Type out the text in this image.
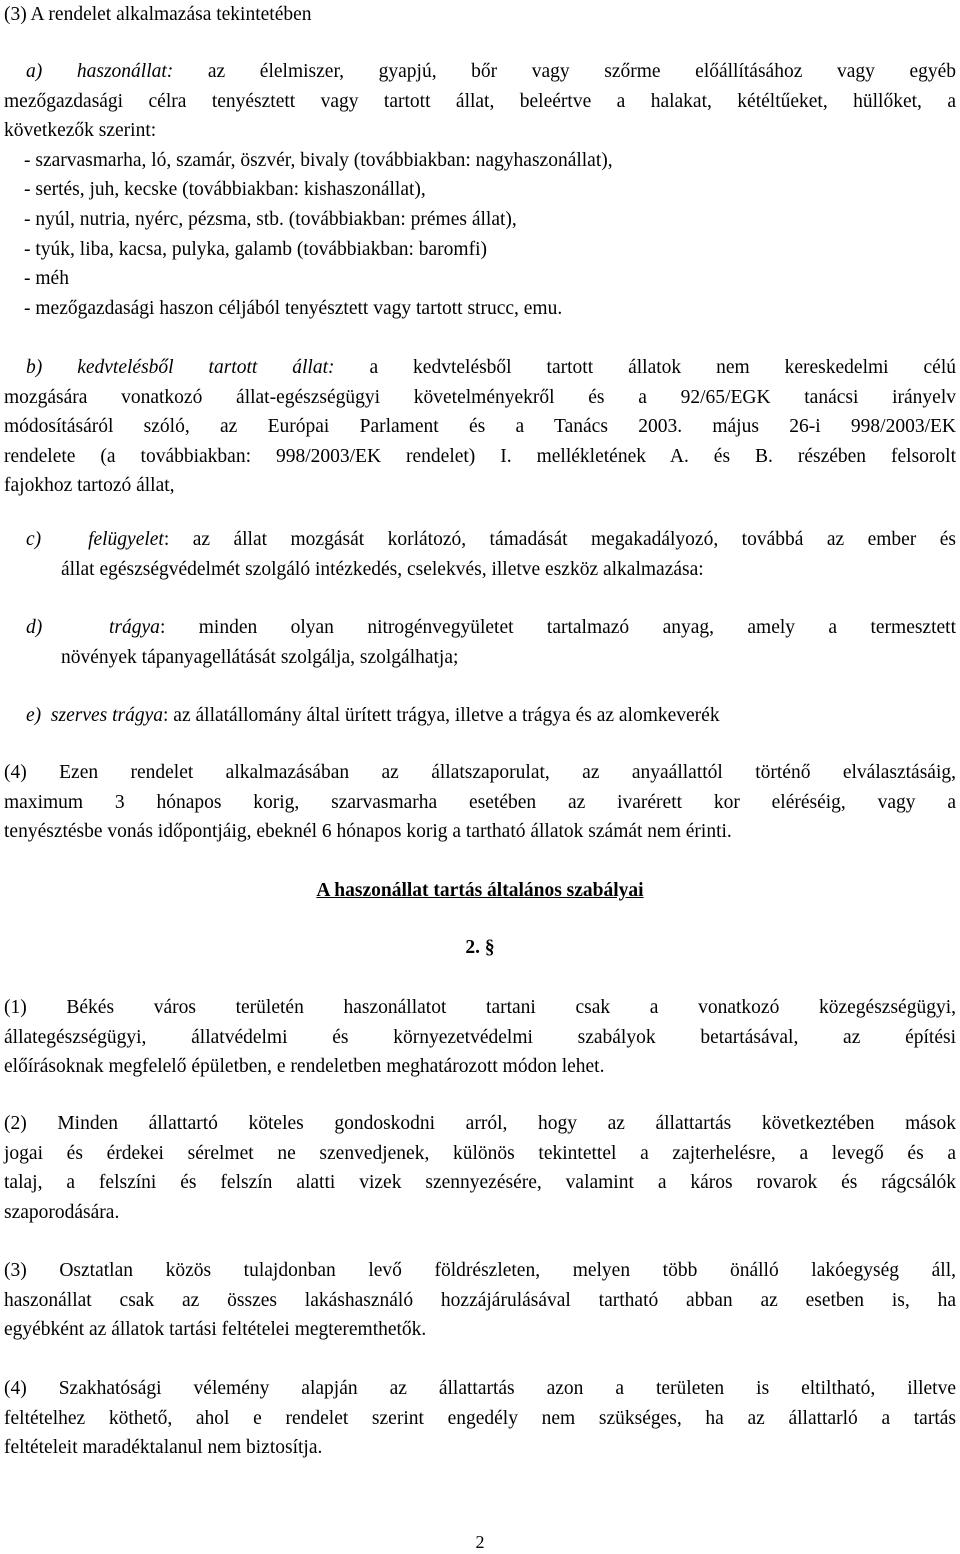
(3) A rendelet alkalmazása tekintetében
a) haszonállat: az élelmiszer, gyapjú, bőr vagy szőrme előállításához vagy egyéb
mezőgazdasági célra tenyésztett vagy tartott állat, beleértve a halakat, kétéltűeket, hüllőket, a
következők szerint:
- szarvasmarha, ló, szamár, öszvér, bivaly (továbbiakban: nagyhaszonállat),
- sertés, juh, kecske (továbbiakban: kishaszonállat),
- nyúl, nutria, nyérc, pézsma, stb. (továbbiakban: prémes állat),
- tyúk, liba, kacsa, pulyka, galamb (továbbiakban: baromfi)
- méh
- mezőgazdasági haszon céljából tenyésztett vagy tartott strucc, emu.
b) kedvtelésből tartott állat: a kedvtelésből tartott állatok nem kereskedelmi célú
mozgására vonatkozó állat-egészségügyi követelményekről és a 92/65/EGK tanácsi irányelv
módosításáról szóló, az Európai Parlament és a Tanács 2003. május 26-i 998/2003/EK
rendelete (a továbbiakban: 998/2003/EK rendelet) I. mellékletének A. és B. részében felsorolt
fajokhoz tartozó állat,
c) felügyelet: az állat mozgását korlátozó, támadását megakadályozó, továbbá az ember és
állat egészségvédelmét szolgáló intézkedés, cselekvés, illetve eszköz alkalmazása:
d)	trágya: minden olyan nitrogénvegyületet tartalmazó anyag, amely a termesztett
növények tápanyagellátását szolgálja, szolgálhatja;
e) szerves trágya: az állatállomány által ürített trágya, illetve a trágya és az alomkeverék
(4) Ezen rendelet alkalmazásában az állatszaporulat, az anyaállattól történő elválasztásáig,
maximum 3 hónapos korig, szarvasmarha esetében az ivarérett kor eléréséig, vagy a
tenyésztésbe vonás időpontjáig, ebeknél 6 hónapos korig a tartható állatok számát nem érinti.
A haszonállat tartás általános szabályai
2. §
(1) Békés város területén haszonállatot tartani csak a vonatkozó közegészségügyi,
állategészségügyi, állatvédelmi és környezetvédelmi szabályok betartásával, az építési
előírásoknak megfelelő épületben, e rendeletben meghatározott módon lehet.
(2) Minden állattartó köteles gondoskodni arról, hogy az állattartás következtében mások
jogai és érdekei sérelmet ne szenvedjenek, különös tekintettel a zajterhelésre, a levegő és a
talaj, a felszíni és felszín alatti vizek szennyezésére, valamint a káros rovarok és rágcsálók
szaporodására.
(3) Osztatlan közös tulajdonban levő földrészleten, melyen több önálló lakóegység áll,
haszonállat csak az összes lakáshasználó hozzájárulásával tartható abban az esetben is, ha
egyébként az állatok tartási feltételei megteremthetők.
(4) Szakhatósági vélemény alapján az állattartás azon a területen is eltiltható, illetve
feltételhez köthető, ahol e rendelet szerint engedély nem szükséges, ha az állattarló a tartás
feltételeit maradéktalanul nem biztosítja.
2
